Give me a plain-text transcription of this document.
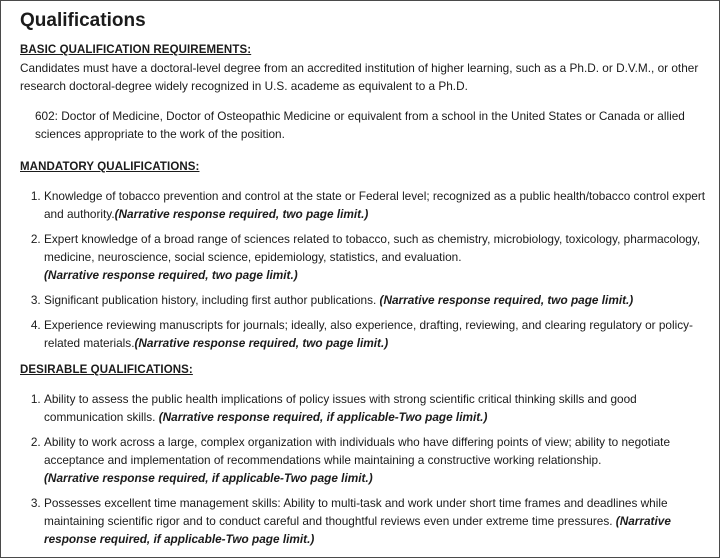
Qualifications

BASIC QUALIFICATION REQUIREMENTS:

Candidates must have a doctoral-level degree from an accredited institution of higher learning, such as a Ph.D. or D.V.M., or other research doctoral-degree widely recognized in U.S. academe as equivalent to a Ph.D.

602: Doctor of Medicine, Doctor of Osteopathic Medicine or equivalent from a school in the United States or Canada or allied sciences appropriate to the work of the position.

MANDATORY QUALIFICATIONS:

1. Knowledge of tobacco prevention and control at the state or Federal level; recognized as a public health/tobacco control expert and authority.(Narrative response required, two page limit.)
2. Expert knowledge of a broad range of sciences related to tobacco, such as chemistry, microbiology, toxicology, pharmacology, medicine, neuroscience, social science, epidemiology, statistics, and evaluation.
(Narrative response required, two page limit.)
3. Significant publication history, including first author publications. (Narrative response required, two page limit.)
4. Experience reviewing manuscripts for journals; ideally, also experience, drafting, reviewing, and clearing regulatory or policy-related materials.(Narrative response required, two page limit.)

DESIRABLE QUALIFICATIONS:

1. Ability to assess the public health implications of policy issues with strong scientific critical thinking skills and good communication skills. (Narrative response required, if applicable-Two page limit.)
2. Ability to work across a large, complex organization with individuals who have differing points of view; ability to negotiate acceptance and implementation of recommendations while maintaining a constructive working relationship.
(Narrative response required, if applicable-Two page limit.)
3. Possesses excellent time management skills: Ability to multi-task and work under short time frames and deadlines while maintaining scientific rigor and to conduct careful and thoughtful reviews even under extreme time pressures. (Narrative response required, if applicable-Two page limit.)
